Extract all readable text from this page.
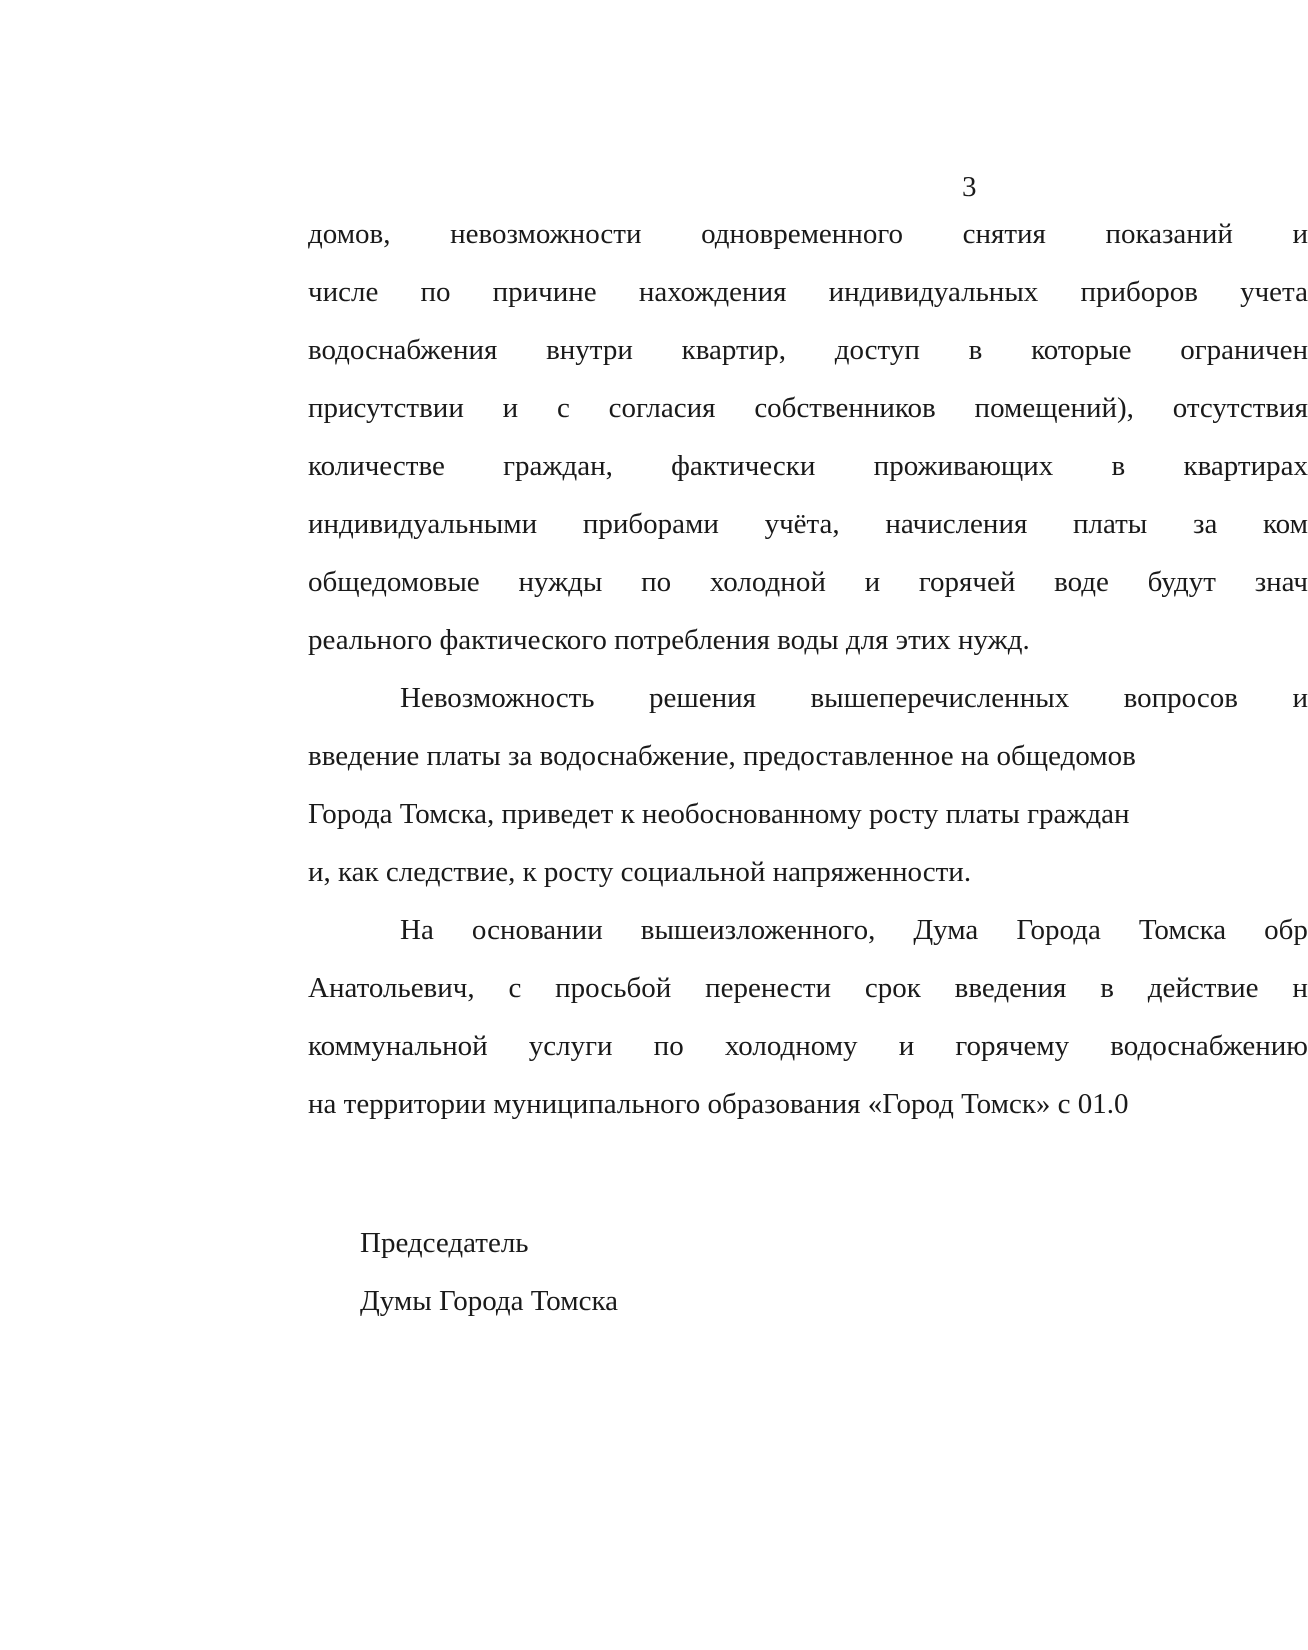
3
домов, невозможности одновременного снятия показаний и
числе по причине нахождения индивидуальных приборов учета
водоснабжения внутри квартир, доступ в которые ограничен
присутствии и с согласия собственников помещений), отсутствия
количестве граждан, фактически проживающих в квартирах
индивидуальными приборами учёта, начисления платы за ком
общедомовые нужды по холодной и горячей воде будут знач
реального фактического потребления воды для этих нужд.
Невозможность решения вышеперечисленных вопросов и
введение платы за водоснабжение, предоставленное на общедомов
Города Томска, приведет к необоснованному росту платы граждан
и, как следствие, к росту социальной напряженности.
На основании вышеизложенного, Дума Города Томска обр
Анатольевич, с просьбой перенести срок введения в действие н
коммунальной услуги по холодному и горячему водоснабжению
на территории муниципального образования «Город Томск» с 01.0
Председатель
Думы Города Томска
